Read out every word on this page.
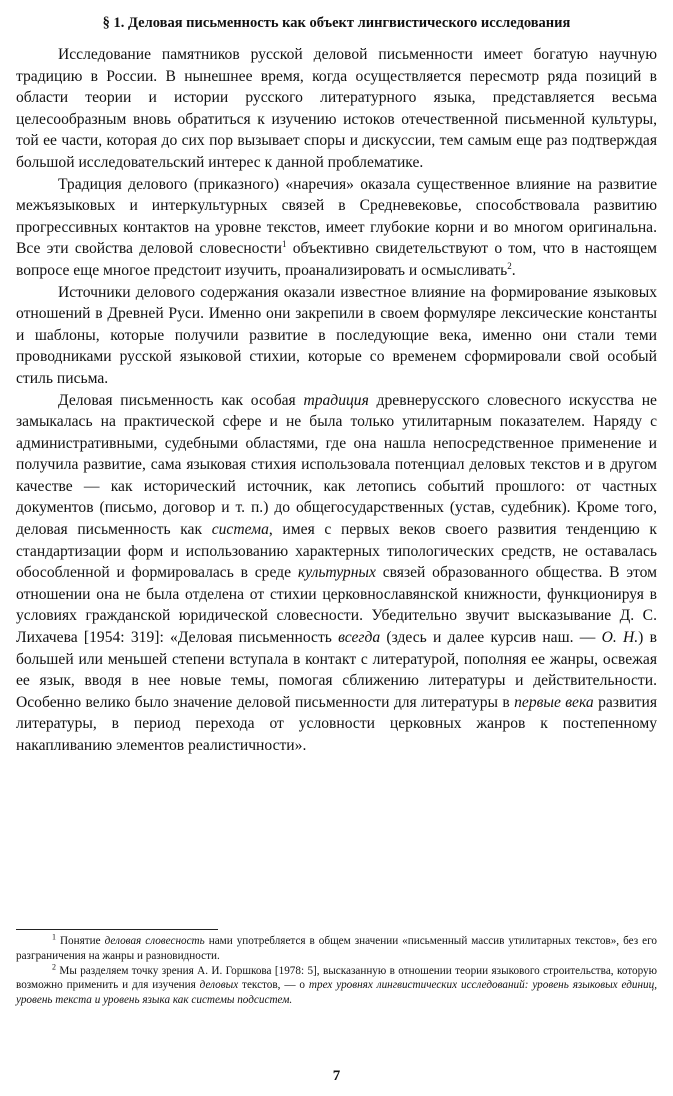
§ 1. Деловая письменность как объект лингвистического исследования

Исследование памятников русской деловой письменности имеет богатую научную традицию в России. В нынешнее время, когда осуществляется пересмотр ряда позиций в области теории и истории русского литературного языка, представляется весьма целесообразным вновь обратиться к изучению истоков отечественной письменной культуры, той ее части, которая до сих пор вызывает споры и дискуссии, тем самым еще раз подтверждая большой исследовательский интерес к данной проблематике.

Традиция делового (приказного) «наречия» оказала существенное влияние на развитие межъязыковых и интеркультурных связей в Средневековье, способствовала развитию прогрессивных контактов на уровне текстов, имеет глубокие корни и во многом оригинальна. Все эти свойства деловой словесности$^1$ объективно свидетельствуют о том, что в настоящем вопросе еще многое предстоит изучить, проанализировать и осмысливать$^2$.

Источники делового содержания оказали известное влияние на формирование языковых отношений в Древней Руси. Именно они закрепили в своем формуляре лексические константы и шаблоны, которые получили развитие в последующие века, именно они стали теми проводниками русской языковой стихии, которые со временем сформировали свой особый стиль письма.

Деловая письменность как особая традиция древнерусского словесного искусства не замыкалась на практической сфере и не была только утилитарным показателем. Наряду с административными, судебными областями, где она нашла непосредственное применение и получила развитие, сама языковая стихия использовала потенциал деловых текстов и в другом качестве — как исторический источник, как летопись событий прошлого: от частных документов (письмо, договор и т. п.) до общегосударственных (устав, судебник). Кроме того, деловая письменность как система, имея с первых веков своего развития тенденцию к стандартизации форм и использованию характерных типологических средств, не оставалась обособленной и формировалась в среде культурных связей образованного общества. В этом отношении она не была отделена от стихии церковнославянской книжности, функционируя в условиях гражданской юридической словесности. Убедительно звучит высказывание Д. С. Лихачева [1954: 319]: «Деловая письменность всегда (здесь и далее курсив наш. — О. Н.) в большей или меньшей степени вступала в контакт с литературой, пополняя ее жанры, освежая ее язык, вводя в нее новые темы, помогая сближению литературы и действительности. Особенно велико было значение деловой письменности для литературы в первые века развития литературы, в период перехода от условности церковных жанров к постепенному накапливанию элементов реалистичности».

$^1$ Понятие деловая словесность нами употребляется в общем значении «письменный массив утилитарных текстов», без его разграничения на жанры и разновидности.

$^2$ Мы разделяем точку зрения А. И. Горшкова [1978: 5], высказанную в отношении теории языкового строительства, которую возможно применить и для изучения деловых текстов, — о трех уровнях лингвистических исследований: уровень языковых единиц, уровень текста и уровень языка как системы подсистем.

7
